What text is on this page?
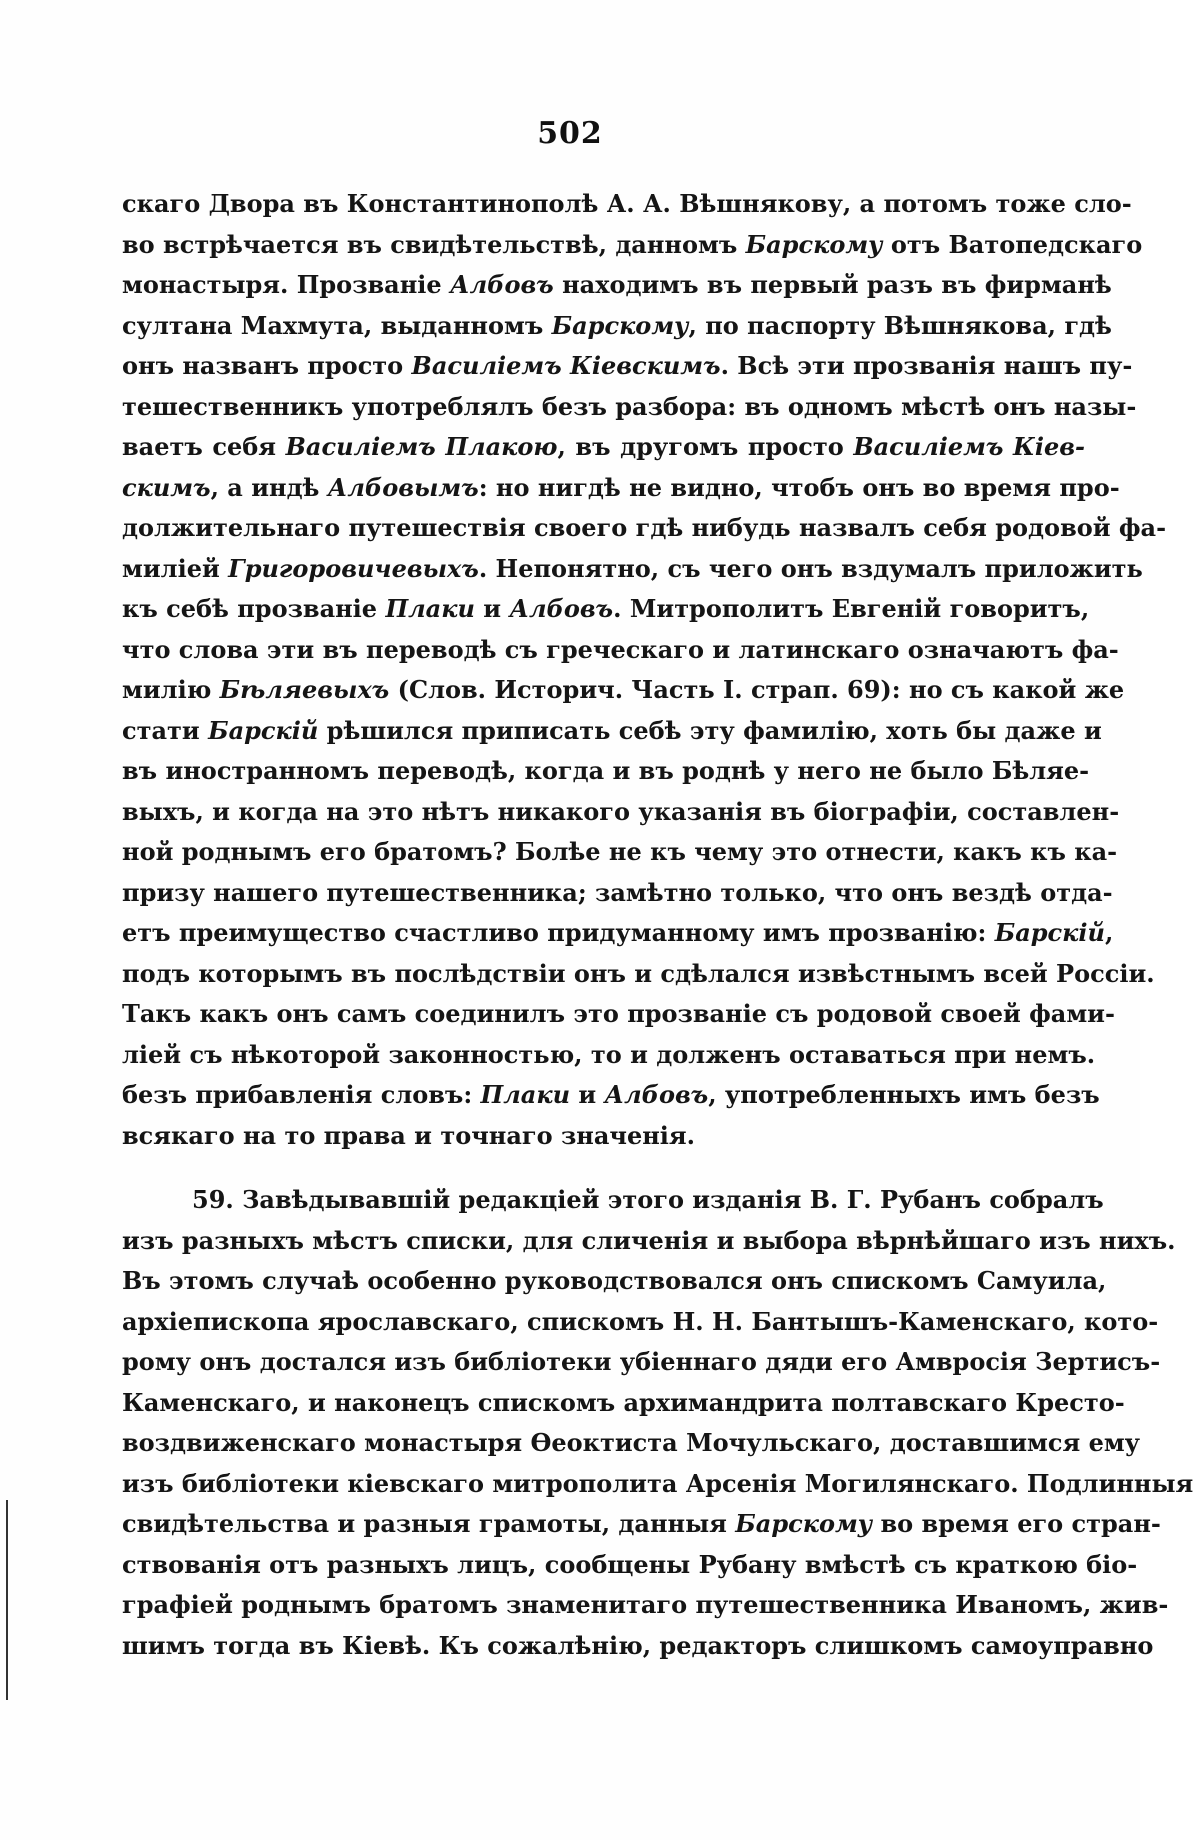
502
скаго Двора въ Константинополѣ А. А. Вѣшнякову, а потомъ тоже сло-
во встрѣчается въ свидѣтельствѣ, данномъ Барскому отъ Ватопедскаго
монастыря. Прозваніе Албовъ находимъ въ первый разъ въ фирманѣ
султана Махмута, выданномъ Барскому, по паспорту Вѣшнякова, гдѣ
онъ названъ просто Василіемъ Кіевскимъ. Всѣ эти прозванія нашъ пу-
тешественникъ употреблялъ безъ разбора: въ одномъ мѣстѣ онъ назы-
ваетъ себя Василіемъ Плакою, въ другомъ просто Василіемъ Кіев-
скимъ, а индѣ Албовымъ: но нигдѣ не видно, чтобъ онъ во время про-
должительнаго путешествія своего гдѣ нибудь назвалъ себя родовой фа-
миліей Григоровичевыхъ. Непонятно, съ чего онъ вздумалъ приложить
къ себѣ прозваніе Плаки и Албовъ. Митрополитъ Евгеній говоритъ,
что слова эти въ переводѣ съ греческаго и латинскаго означаютъ фа-
милію Бѣляевыхъ (Слов. Историч. Часть I. страп. 69): но съ какой же
стати Барскій рѣшился приписать себѣ эту фамилію, хоть бы даже и
въ иностранномъ переводѣ, когда и въ роднѣ у него не было Бѣляе-
выхъ, и когда на это нѣтъ никакого указанія въ біографіи, составлен-
ной роднымъ его братомъ? Болѣе не къ чему это отнести, какъ къ ка-
призу нашего путешественника; замѣтно только, что онъ вездѣ отда-
етъ преимущество счастливо придуманному имъ прозванію: Барскій,
подъ которымъ въ послѣдствіи онъ и сдѣлался извѣстнымъ всей Россіи.
Такъ какъ онъ самъ соединилъ это прозваніе съ родовой своей фами-
ліей съ нѣкоторой законностью, то и долженъ оставаться при немъ.
безъ прибавленія словъ: Плаки и Албовъ, употребленныхъ имъ безъ
всякаго на то права и точнаго значенія.
59. Завѣдывавшій редакціей этого изданія В. Г. Рубанъ собралъ
изъ разныхъ мѣстъ списки, для сличенія и выбора вѣрнѣйшаго изъ нихъ.
Въ этомъ случаѣ особенно руководствовался онъ спискомъ Самуила,
архіепископа ярославскаго, спискомъ Н. Н. Бантышъ-Каменскаго, кото-
рому онъ достался изъ библіотеки убіеннаго дяди его Амвросія Зертисъ-
Каменскаго, и наконецъ спискомъ архимандрита полтавскаго Кресто-
воздвиженскаго монастыря Ѳеоктиста Мочульскаго, доставшимся ему
изъ библіотеки кіевскаго митрополита Арсенія Могилянскаго. Подлинныя
свидѣтельства и разныя грамоты, данныя Барскому во время его стран-
ствованія отъ разныхъ лицъ, сообщены Рубану вмѣстѣ съ краткою біо-
графіей роднымъ братомъ знаменитаго путешественника Иваномъ, жив-
шимъ тогда въ Кіевѣ. Къ сожалѣнію, редакторъ слишкомъ самоуправно
